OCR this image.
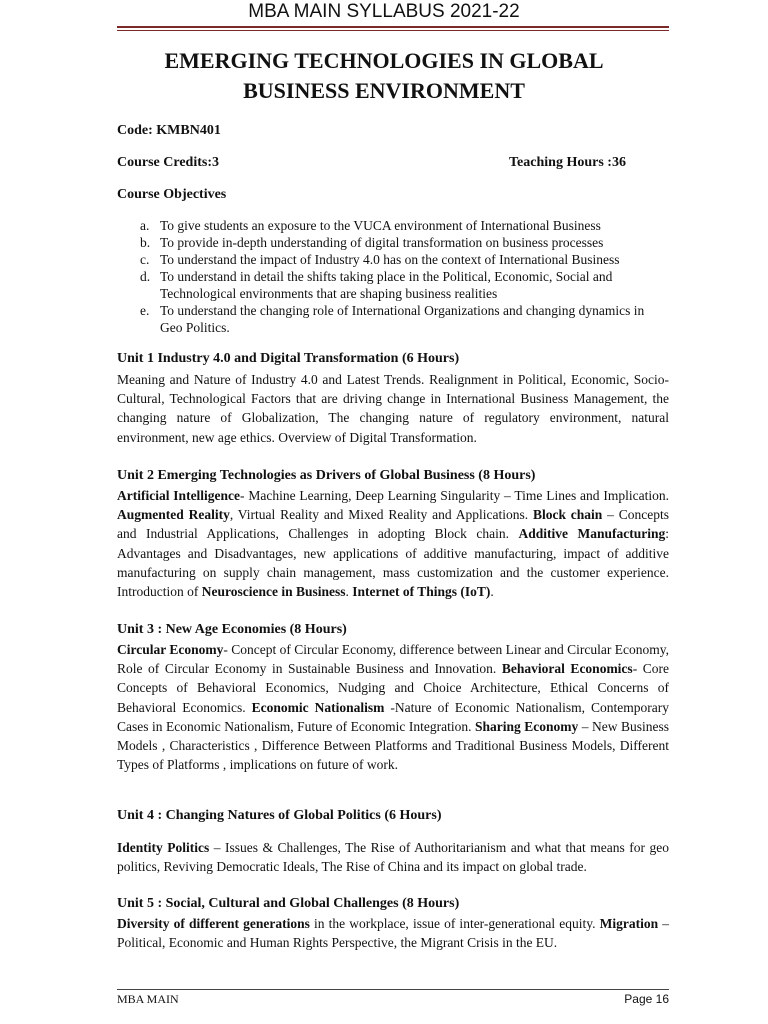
MBA MAIN SYLLABUS 2021-22
EMERGING TECHNOLOGIES IN GLOBAL
BUSINESS ENVIRONMENT
Code: KMBN401
Course Credits:3	Teaching Hours :36
Course Objectives
a. To give students an exposure to the VUCA environment of International Business
b. To provide in-depth understanding of digital transformation on business processes
c. To understand the impact of Industry 4.0 has on the context of International Business
d. To understand in detail the shifts taking place in the Political, Economic, Social and Technological environments that are shaping business realities
e. To understand the changing role of International Organizations and changing dynamics in Geo Politics.
Unit 1 Industry 4.0 and Digital Transformation (6 Hours)
Meaning and Nature of Industry 4.0 and Latest Trends. Realignment in Political, Economic, Socio-Cultural, Technological Factors that are driving change in International Business Management, the changing nature of Globalization, The changing nature of regulatory environment, natural environment, new age ethics. Overview of Digital Transformation.
Unit 2 Emerging Technologies as Drivers of Global Business (8 Hours)
Artificial Intelligence- Machine Learning, Deep Learning Singularity – Time Lines and Implication. Augmented Reality, Virtual Reality and Mixed Reality and Applications. Block chain – Concepts and Industrial Applications, Challenges in adopting Block chain. Additive Manufacturing: Advantages and Disadvantages, new applications of additive manufacturing, impact of additive manufacturing on supply chain management, mass customization and the customer experience. Introduction of Neuroscience in Business. Internet of Things (IoT).
Unit 3 : New Age Economies (8 Hours)
Circular Economy- Concept of Circular Economy, difference between Linear and Circular Economy, Role of Circular Economy in Sustainable Business and Innovation. Behavioral Economics- Core Concepts of Behavioral Economics, Nudging and Choice Architecture, Ethical Concerns of Behavioral Economics. Economic Nationalism -Nature of Economic Nationalism, Contemporary Cases in Economic Nationalism, Future of Economic Integration. Sharing Economy – New Business Models , Characteristics , Difference Between Platforms and Traditional Business Models, Different Types of Platforms , implications on future of work.
Unit 4 : Changing Natures of Global Politics (6 Hours)
Identity Politics – Issues & Challenges, The Rise of Authoritarianism and what that means for geo politics, Reviving Democratic Ideals, The Rise of China and its impact on global trade.
Unit 5 : Social, Cultural and Global Challenges (8 Hours)
Diversity of different generations in the workplace, issue of inter-generational equity. Migration – Political, Economic and Human Rights Perspective, the Migrant Crisis in the EU.
MBA MAIN	Page 16
